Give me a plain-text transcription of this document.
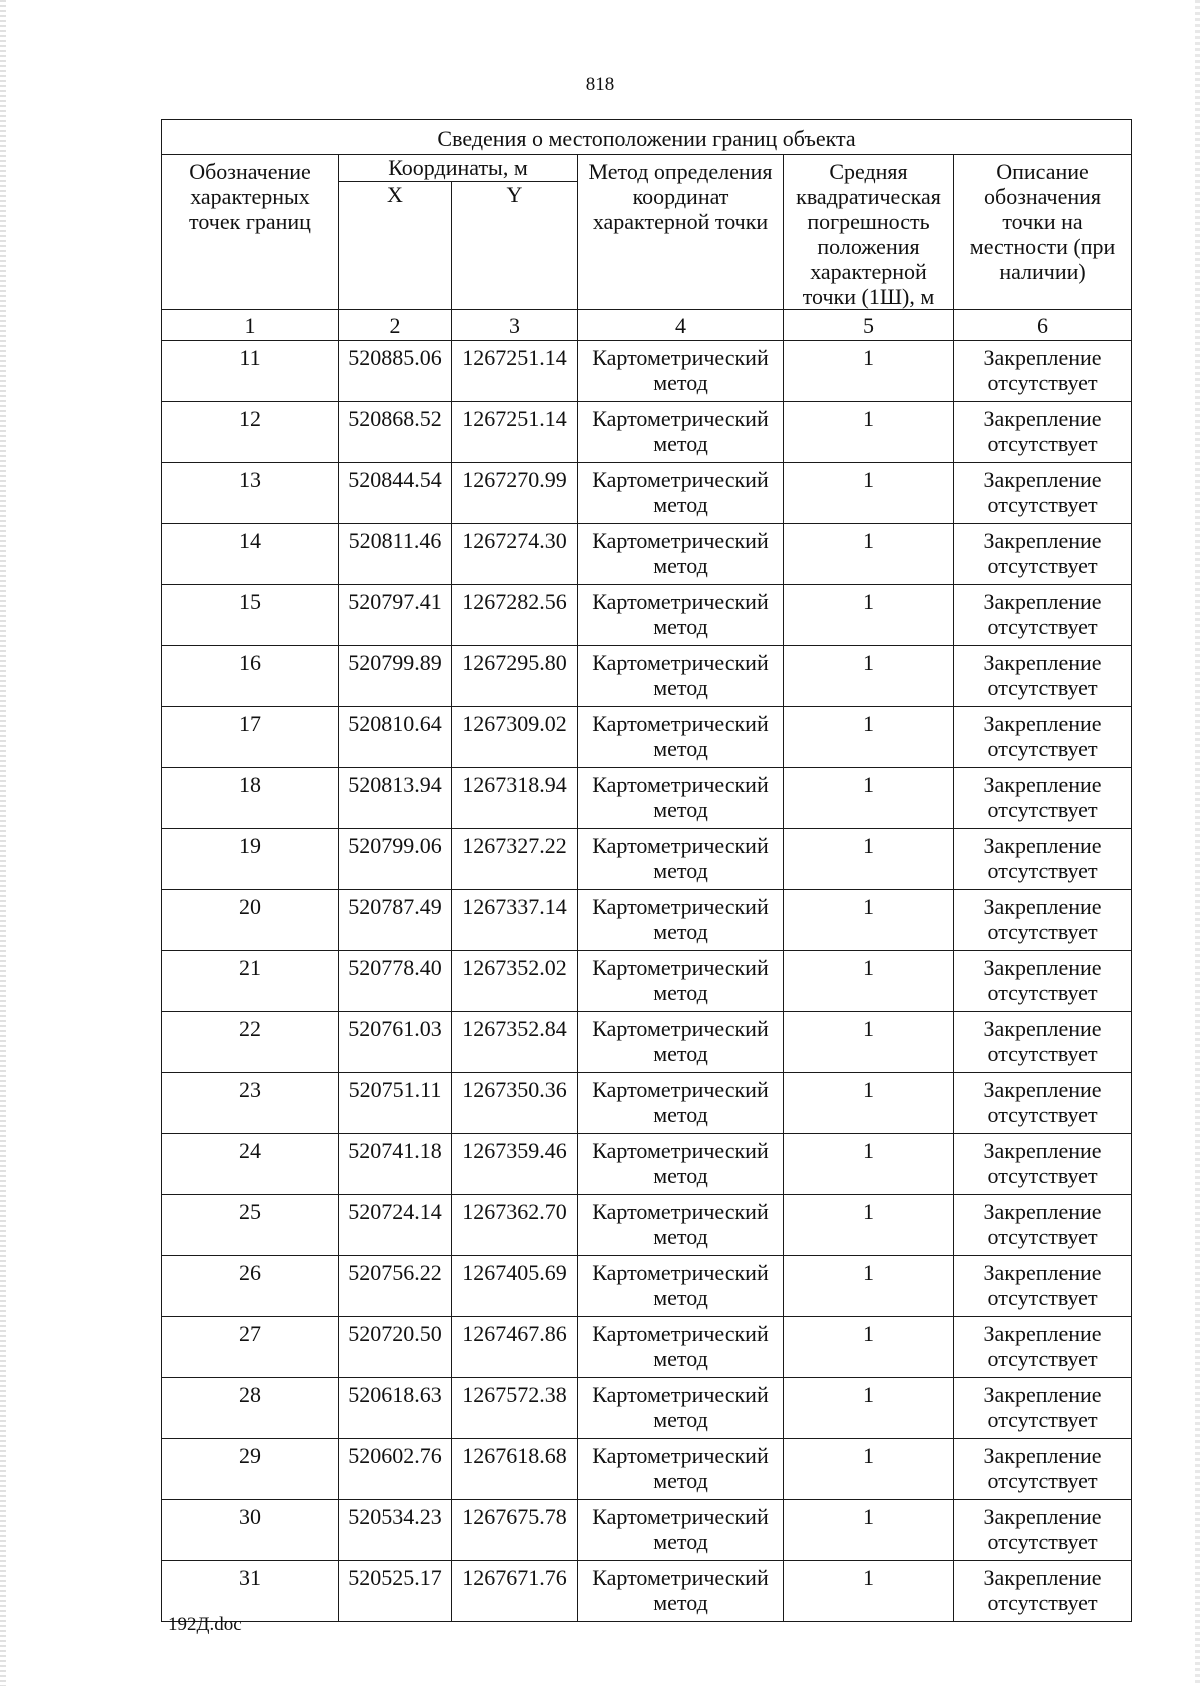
818
Сведения о местоположении границ объекта					
Обозначение характерных точек границ	Координаты, м		Метод определения координат характерной точки	Средняя квадратическая погрешность положения характерной точки (1Ш), м	Описание обозначения точки на местности (при наличии)
	X	Y			
1	2	3	4	5	6
11	520885.06	1267251.14	Картометрический метод	1	Закрепление отсутствует
12	520868.52	1267251.14	Картометрический метод	1	Закрепление отсутствует
13	520844.54	1267270.99	Картометрический метод	1	Закрепление отсутствует
14	520811.46	1267274.30	Картометрический метод	1	Закрепление отсутствует
15	520797.41	1267282.56	Картометрический метод	1	Закрепление отсутствует
16	520799.89	1267295.80	Картометрический метод	1	Закрепление отсутствует
17	520810.64	1267309.02	Картометрический метод	1	Закрепление отсутствует
18	520813.94	1267318.94	Картометрический метод	1	Закрепление отсутствует
19	520799.06	1267327.22	Картометрический метод	1	Закрепление отсутствует
20	520787.49	1267337.14	Картометрический метод	1	Закрепление отсутствует
21	520778.40	1267352.02	Картометрический метод	1	Закрепление отсутствует
22	520761.03	1267352.84	Картометрический метод	1	Закрепление отсутствует
23	520751.11	1267350.36	Картометрический метод	1	Закрепление отсутствует
24	520741.18	1267359.46	Картометрический метод	1	Закрепление отсутствует
25	520724.14	1267362.70	Картометрический метод	1	Закрепление отсутствует
26	520756.22	1267405.69	Картометрический метод	1	Закрепление отсутствует
27	520720.50	1267467.86	Картометрический метод	1	Закрепление отсутствует
28	520618.63	1267572.38	Картометрический метод	1	Закрепление отсутствует
29	520602.76	1267618.68	Картометрический метод	1	Закрепление отсутствует
30	520534.23	1267675.78	Картометрический метод	1	Закрепление отсутствует
31	520525.17	1267671.76	Картометрический метод	1	Закрепление отсутствует
192Д.doc
